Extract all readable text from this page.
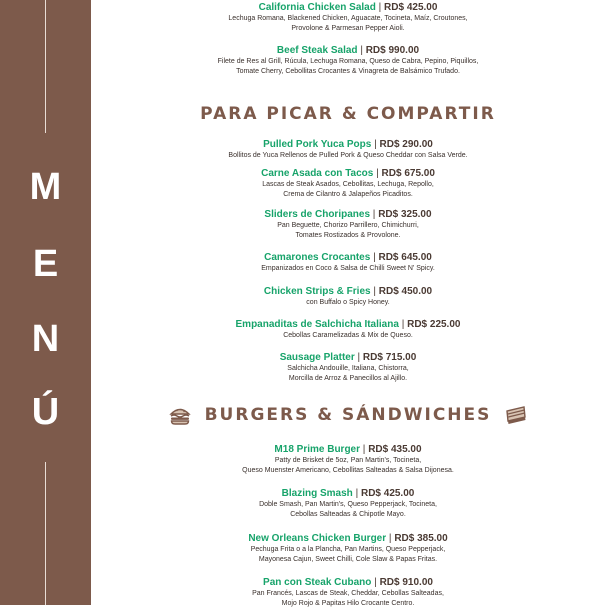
M
E
N
Ú
California Chicken Salad | RD$ 425.00
Lechuga Romana, Blackened Chicken, Aguacate, Tocineta, Maíz, Croutones,
Provolone & Parmesan Pepper Aioli.
Beef Steak Salad | RD$ 990.00
Filete de Res al Grill, Rúcula, Lechuga Romana, Queso de Cabra, Pepino, Piquillos,
Tomate Cherry, Cebollitas Crocantes & Vinagreta de Balsámico Trufado.
PARA PICAR & COMPARTIR
Pulled Pork Yuca Pops | RD$ 290.00
Bollitos de Yuca Rellenos de Pulled Pork & Queso Cheddar con Salsa Verde.
Carne Asada con Tacos | RD$ 675.00
Lascas de Steak Asados, Cebollitas, Lechuga, Repollo,
Crema de Cilantro & Jalapeños Picaditos.
Sliders de Choripanes | RD$ 325.00
Pan Beguette, Chorizo Parrillero, Chimichurri,
Tomates Rostizados & Provolone.
Camarones Crocantes | RD$ 645.00
Empanizados en Coco & Salsa de Chilli Sweet N' Spicy.
Chicken Strips & Fries | RD$ 450.00
con Buffalo o Spicy Honey.
Empanaditas de Salchicha Italiana | RD$ 225.00
Cebollas Caramelizadas & Mix de Queso.
Sausage Platter | RD$ 715.00
Salchicha Andouille, Italiana, Chistorra,
Morcilla de Arroz & Panecillos al Ajillo.
BURGERS & SÁNDWICHES
M18 Prime Burger | RD$ 435.00
Patty de Brisket de 5oz, Pan Martin's, Tocineta,
Queso Muenster Americano, Cebollitas Salteadas & Salsa Dijonesa.
Blazing Smash | RD$ 425.00
Doble Smash, Pan Martin's, Queso Pepperjack, Tocineta,
Cebollas Salteadas & Chipotle Mayo.
New Orleans Chicken Burger | RD$ 385.00
Pechuga Frita o a la Plancha, Pan Martins, Queso Pepperjack,
Mayonesa Cajun, Sweet Chilli, Cole Slaw & Papas Fritas.
Pan con Steak Cubano | RD$ 910.00
Pan Francés, Lascas de Steak, Cheddar, Cebollas Salteadas,
Mojo Rojo & Papitas Hilo Crocante Centro.
